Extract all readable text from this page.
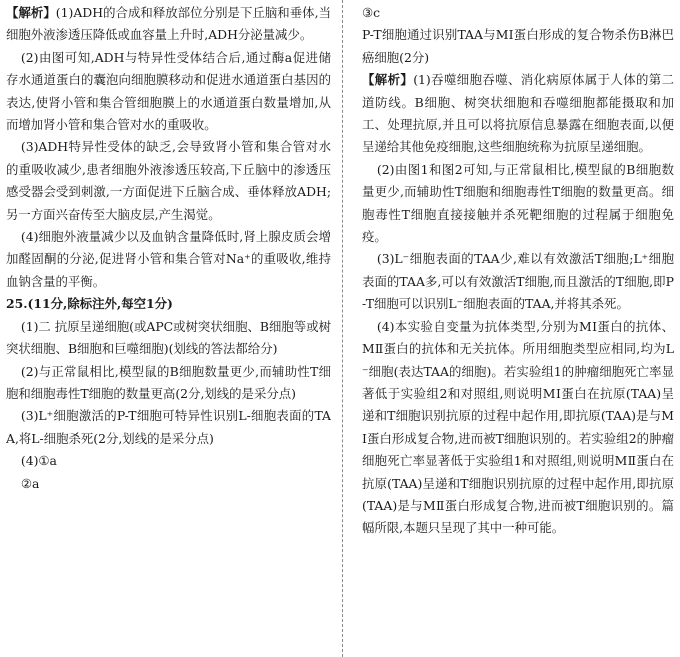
【解析】(1)ADH的合成和释放部位分别是下丘脑和垂体,当细胞外液渗透压降低或血容量上升时,ADH分泌量减少。

(2)由图可知,ADH与特异性受体结合后,通过酶a促进储存水通道蛋白的囊泡向细胞膜移动和促进水通道蛋白基因的表达,使肾小管和集合管细胞膜上的水通道蛋白数量增加,从而增加肾小管和集合管对水的重吸收。

(3)ADH特异性受体的缺乏,会导致肾小管和集合管对水的重吸收减少,患者细胞外液渗透压较高,下丘脑中的渗透压感受器会受到刺激,一方面促进下丘脑合成、垂体释放ADH;另一方面兴奋传至大脑皮层,产生渴觉。

(4)细胞外液量减少以及血钠含量降低时,肾上腺皮质会增加醛固酮的分泌,促进肾小管和集合管对Na⁺的重吸收,维持血钠含量的平衡。

25.(11分,除标注外,每空1分)

(1)二 抗原呈递细胞(或APC或树突状细胞、B细胞等或树突状细胞、B细胞和巨噬细胞)(划线的答法都给分)

(2)与正常鼠相比,模型鼠的B细胞数量更少,而辅助性T细胞和细胞毒性T细胞的数量更高(2分,划线的是采分点)

(3)L⁺细胞激活的P-T细胞可特异性识别L-细胞表面的TAA,将L-细胞杀死(2分,划线的是采分点)

(4)①a

②a

③c

P-T细胞通过识别TAA与MⅠ蛋白形成的复合物杀伤B淋巴癌细胞(2分)

【解析】(1)吞噬细胞吞噬、消化病原体属于人体的第二道防线。B细胞、树突状细胞和吞噬细胞都能摄取和加工、处理抗原,并且可以将抗原信息暴露在细胞表面,以便呈递给其他免疫细胞,这些细胞统称为抗原呈递细胞。

(2)由图1和图2可知,与正常鼠相比,模型鼠的B细胞数量更少,而辅助性T细胞和细胞毒性T细胞的数量更高。细胞毒性T细胞直接接触并杀死靶细胞的过程属于细胞免疫。

(3)L⁻细胞表面的TAA少,难以有效激活T细胞;L⁺细胞表面的TAA多,可以有效激活T细胞,而且激活的T细胞,即P-T细胞可以识别L⁻细胞表面的TAA,并将其杀死。

(4)本实验自变量为抗体类型,分别为MⅠ蛋白的抗体、MⅡ蛋白的抗体和无关抗体。所用细胞类型应相同,均为L⁻细胞(表达TAA的细胞)。若实验组1的肿瘤细胞死亡率显著低于实验组2和对照组,则说明MⅠ蛋白在抗原(TAA)呈递和T细胞识别抗原的过程中起作用,即抗原(TAA)是与MⅠ蛋白形成复合物,进而被T细胞识别的。若实验组2的肿瘤细胞死亡率显著低于实验组1和对照组,则说明MⅡ蛋白在抗原(TAA)呈递和T细胞识别抗原的过程中起作用,即抗原(TAA)是与MⅡ蛋白形成复合物,进而被T细胞识别的。篇幅所限,本题只呈现了其中一种可能。
